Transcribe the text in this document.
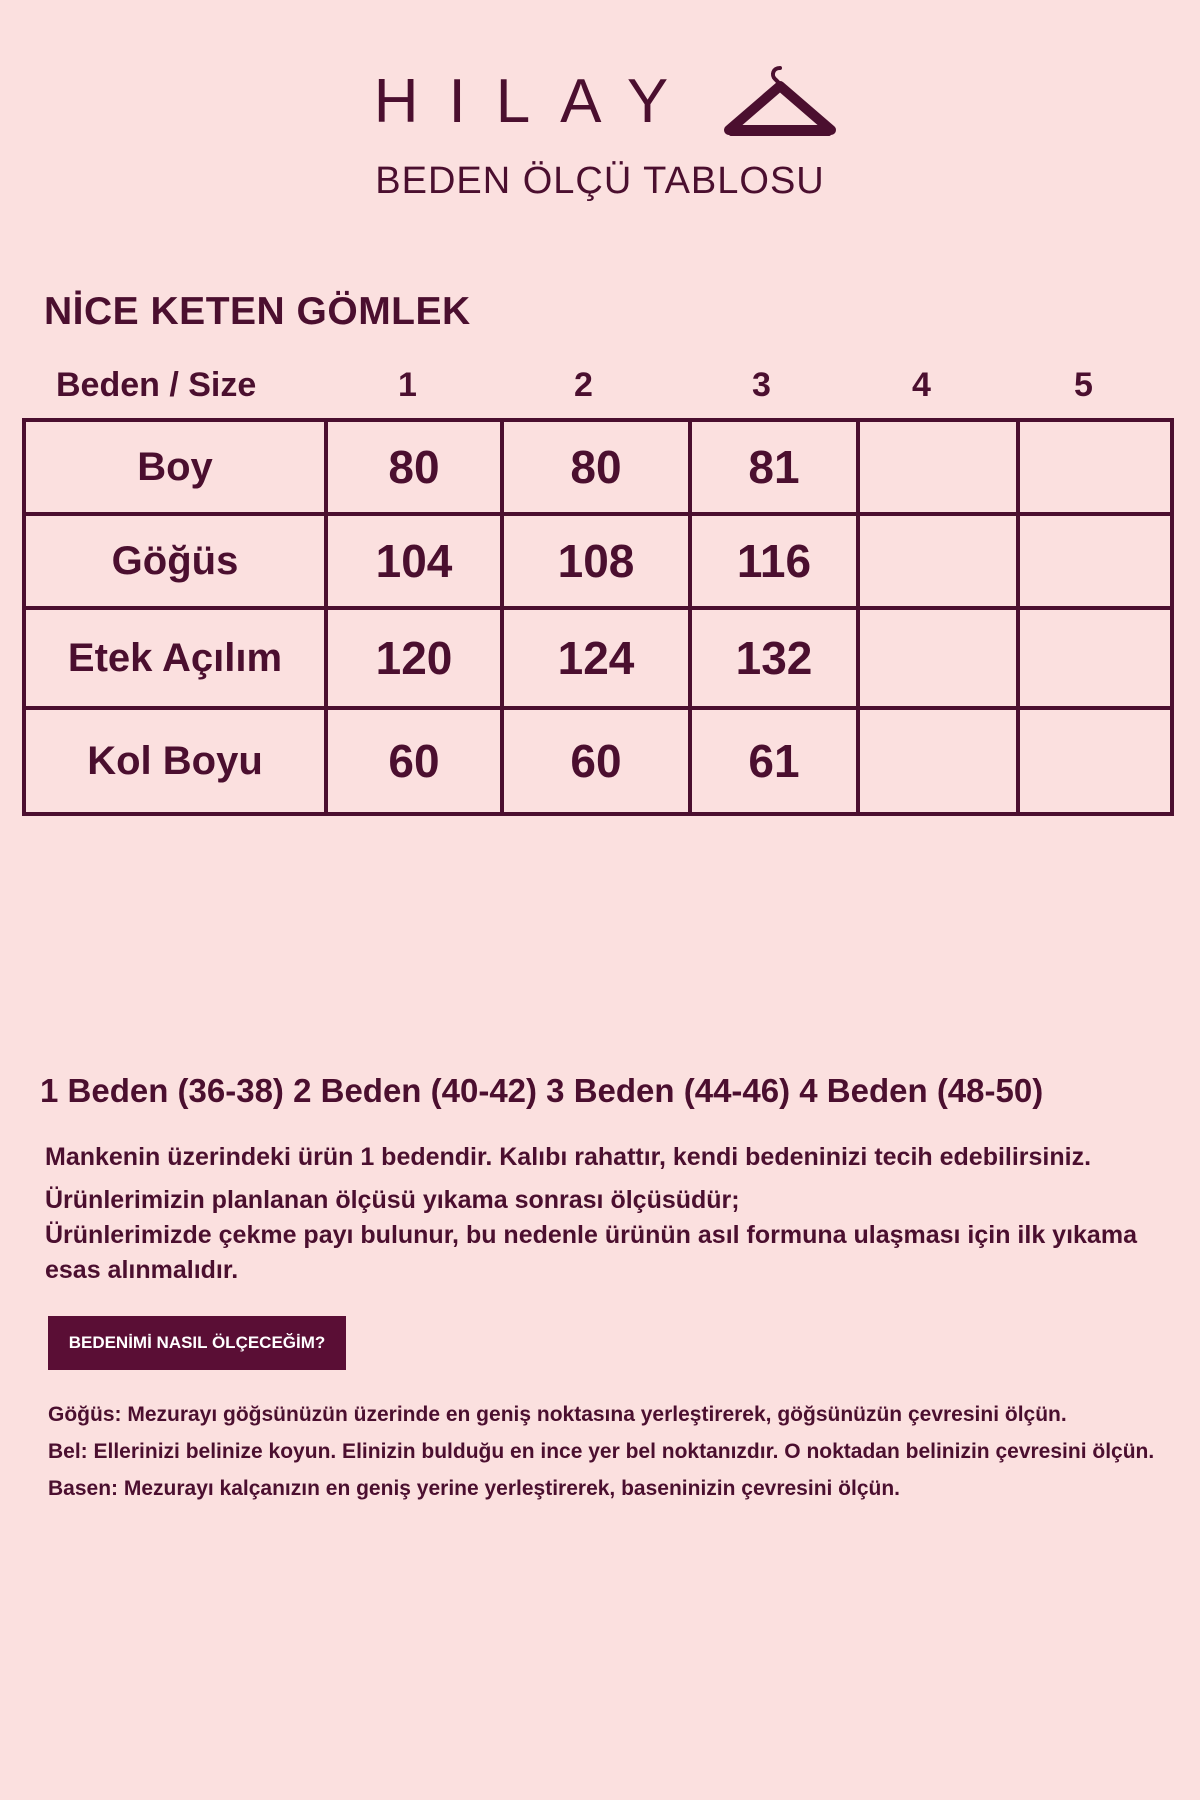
HILAY
BEDEN ÖLÇÜ TABLOSU
NİCE KETEN GÖMLEK
Beden / Size	1	2	3	4	5
Boy	80	80	81		
Göğüs	104	108	116		
Etek Açılım	120	124	132		
Kol Boyu	60	60	61		
1 Beden (36-38) 2 Beden (40-42) 3 Beden (44-46) 4 Beden (48-50)
Mankenin üzerindeki ürün 1 bedendir. Kalıbı rahattır, kendi bedeninizi tecih edebilirsiniz.
Ürünlerimizin planlanan ölçüsü yıkama sonrası ölçüsüdür;
Ürünlerimizde çekme payı bulunur, bu nedenle ürünün asıl formuna ulaşması için ilk yıkama esas alınmalıdır.
BEDENİMİ NASIL ÖLÇECEĞİM?

Göğüs: Mezurayı göğsünüzün üzerinde en geniş noktasına yerleştirerek, göğsünüzün çevresini ölçün.

Bel: Ellerinizi belinize koyun. Elinizin bulduğu en ince yer bel noktanızdır. O noktadan belinizin çevresini ölçün.

Basen: Mezurayı kalçanızın en geniş yerine yerleştirerek, baseninizin çevresini ölçün.
